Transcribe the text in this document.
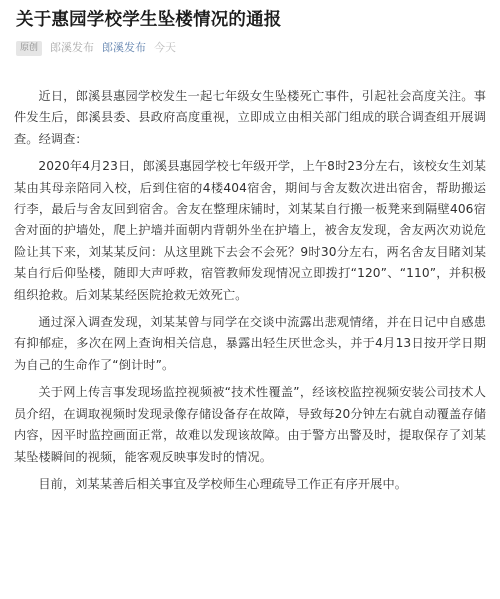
关于惠园学校学生坠楼情况的通报
原创	郎溪发布 郎溪发布 今天

近日，郎溪县惠园学校发生一起七年级女生坠楼死亡事件，引起社会高度关注。事件发生后，郎溪县委、县政府高度重视，立即成立由相关部门组成的联合调查组开展调查。经调查：

2020年4月23日，郎溪县惠园学校七年级开学，上午8时23分左右，该校女生刘某某由其母亲陪同入校，后到住宿的4楼404宿舍，期间与舍友数次进出宿舍，帮助搬运行李，最后与舍友回到宿舍。舍友在整理床铺时，刘某某自行搬一板凳来到隔壁406宿舍对面的护墙处，爬上护墙并面朝内背朝外坐在护墙上，被舍友发现，舍友两次劝说危险让其下来，刘某某反问：从这里跳下去会不会死？9时30分左右，两名舍友目睹刘某某自行后仰坠楼，随即大声呼救，宿管教师发现情况立即拨打“120”、“110”，并积极组织抢救。后刘某某经医院抢救无效死亡。

通过深入调查发现，刘某某曾与同学在交谈中流露出悲观情绪，并在日记中自感患有抑郁症，多次在网上查询相关信息，暴露出轻生厌世念头，并于4月13日按开学日期为自己的生命作了“倒计时”。

关于网上传言事发现场监控视频被“技术性覆盖”，经该校监控视频安装公司技术人员介绍，在调取视频时发现录像存储设备存在故障，导致每20分钟左右就自动覆盖存储内容，因平时监控画面正常，故难以发现该故障。由于警方出警及时，提取保存了刘某某坠楼瞬间的视频，能客观反映事发时的情况。

目前，刘某某善后相关事宜及学校师生心理疏导工作正有序开展中。
